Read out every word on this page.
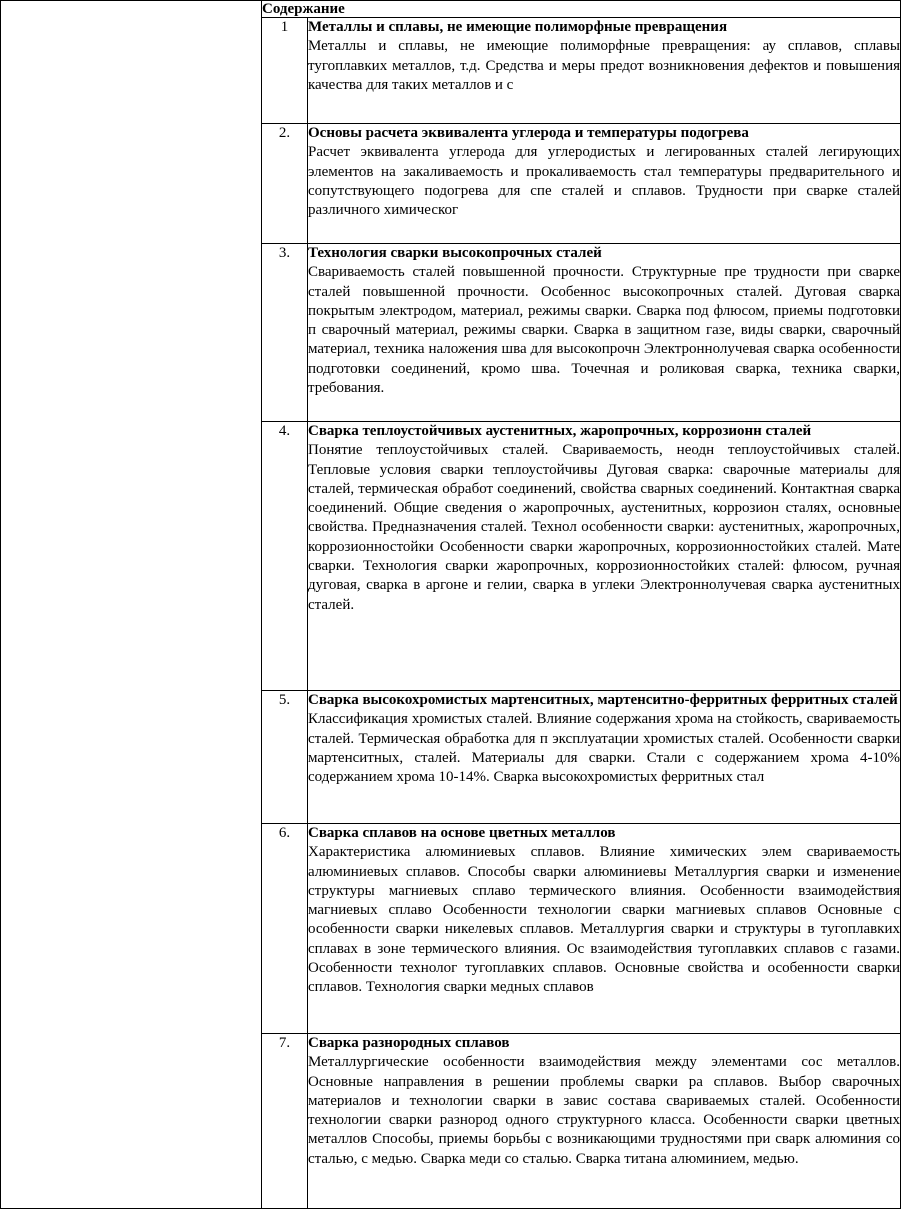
	Содержание	
	1	Металлы и сплавы, не имеющие полиморфные превращения
Металлы и сплавы, не имеющие полиморфные превращения: ау сплавов, сплавы тугоплавких металлов, т.д. Средства и меры предот возникновения дефектов и повышения качества для таких металлов и с

	2.	Основы расчета эквивалента углерода и температуры подогрева
Расчет эквивалента углерода для углеродистых и легированных сталей легирующих элементов на закаливаемость и прокаливаемость стал температуры предварительного и сопутствующего подогрева для спе сталей и сплавов. Трудности при сварке сталей различного химическог

	3.	Технология сварки высокопрочных сталей
Свариваемость сталей повышенной прочности. Структурные пре трудности при сварке сталей повышенной прочности. Особеннос высокопрочных сталей. Дуговая сварка покрытым электродом, материал, режимы сварки. Сварка под флюсом, приемы подготовки п сварочный материал, режимы сварки. Сварка в защитном газе, виды сварки, сварочный материал, техника наложения шва для высокопрочн Электроннолучевая сварка особенности подготовки соединений, кромо шва. Точечная и роликовая сварка, техника сварки, требования.

	4.	Сварка теплоустойчивых аустенитных, жаропрочных, коррозионн сталей
Понятие теплоустойчивых сталей. Свариваемость, неодн теплоустойчивых сталей. Тепловые условия сварки теплоустойчивы Дуговая сварка: сварочные материалы для сталей, термическая обработ соединений, свойства сварных соединений. Контактная сварка соединений. Общие сведения о жаропрочных, аустенитных, коррозион сталях, основные свойства. Предназначения сталей. Технол особенности сварки: аустенитных, жаропрочных, коррозионностойки Особенности сварки жаропрочных, коррозионностойких сталей. Мате сварки. Технология сварки жаропрочных, коррозионностойких сталей: флюсом, ручная дуговая, сварка в аргоне и гелии, сварка в углеки Электроннолучевая сварка аустенитных сталей.

	5.	Сварка высокохромистых мартенситных, мартенситно-ферритных ферритных сталей
Классификация хромистых сталей. Влияние содержания хрома на стойкость, свариваемость сталей. Термическая обработка для п эксплуатации хромистых сталей. Особенности сварки мартенситных, сталей. Материалы для сварки. Стали с содержанием хрома 4-10% содержанием хрома 10-14%. Сварка высокохромистых ферритных стал

	6.	Сварка сплавов на основе цветных металлов
Характеристика алюминиевых сплавов. Влияние химических элем свариваемость алюминиевых сплавов. Способы сварки алюминиевы Металлургия сварки и изменение структуры магниевых сплаво термического влияния. Особенности взаимодействия магниевых сплаво Особенности технологии сварки магниевых сплавов Основные с особенности сварки никелевых сплавов. Металлургия сварки и структуры в тугоплавких сплавах в зоне термического влияния. Ос взаимодействия тугоплавких сплавов с газами. Особенности технолог тугоплавких сплавов. Основные свойства и особенности сварки сплавов. Технология сварки медных сплавов

	7.	Сварка разнородных сплавов
Металлургические особенности взаимодействия между элементами сос металлов. Основные направления в решении проблемы сварки ра сплавов. Выбор сварочных материалов и технологии сварки в завис состава свариваемых сталей. Особенности технологии сварки разнород одного структурного класса. Особенности сварки цветных металлов Способы, приемы борьбы с возникающими трудностями при сварк алюминия со сталью, с медью. Сварка меди со сталью. Сварка титана алюминием, медью.
